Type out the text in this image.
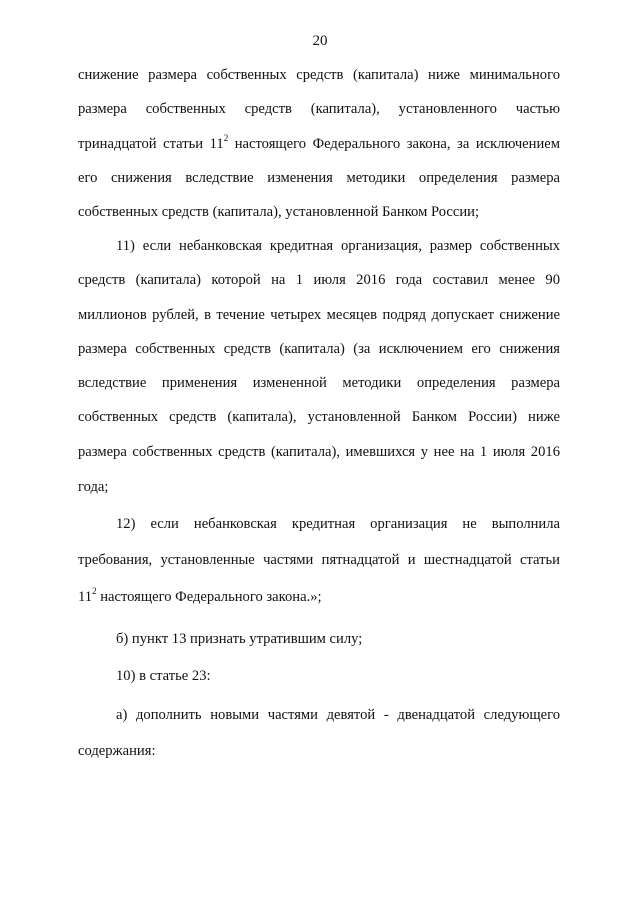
20
снижение размера собственных средств (капитала) ниже минимального
размера собственных средств (капитала), установленного частью
тринадцатой статьи $11^2$ настоящего Федерального закона, за исключением
его снижения вследствие изменения методики определения размера
собственных средств (капитала), установленной Банком России;
11) если небанковская кредитная организация, размер собственных
средств (капитала) которой на 1 июля 2016 года составил менее 90
миллионов рублей, в течение четырех месяцев подряд допускает снижение
размера собственных средств (капитала) (за исключением его снижения
вследствие применения измененной методики определения размера
собственных средств (капитала), установленной Банком России) ниже
размера собственных средств (капитала), имевшихся у нее на 1 июля 2016
года;
12) если небанковская кредитная организация не выполнила
требования, установленные частями пятнадцатой и шестнадцатой статьи
$11^2$ настоящего Федерального закона.»;
б) пункт 13 признать утратившим силу;
10) в статье 23:
а) дополнить новыми частями девятой - двенадцатой следующего
содержания:
